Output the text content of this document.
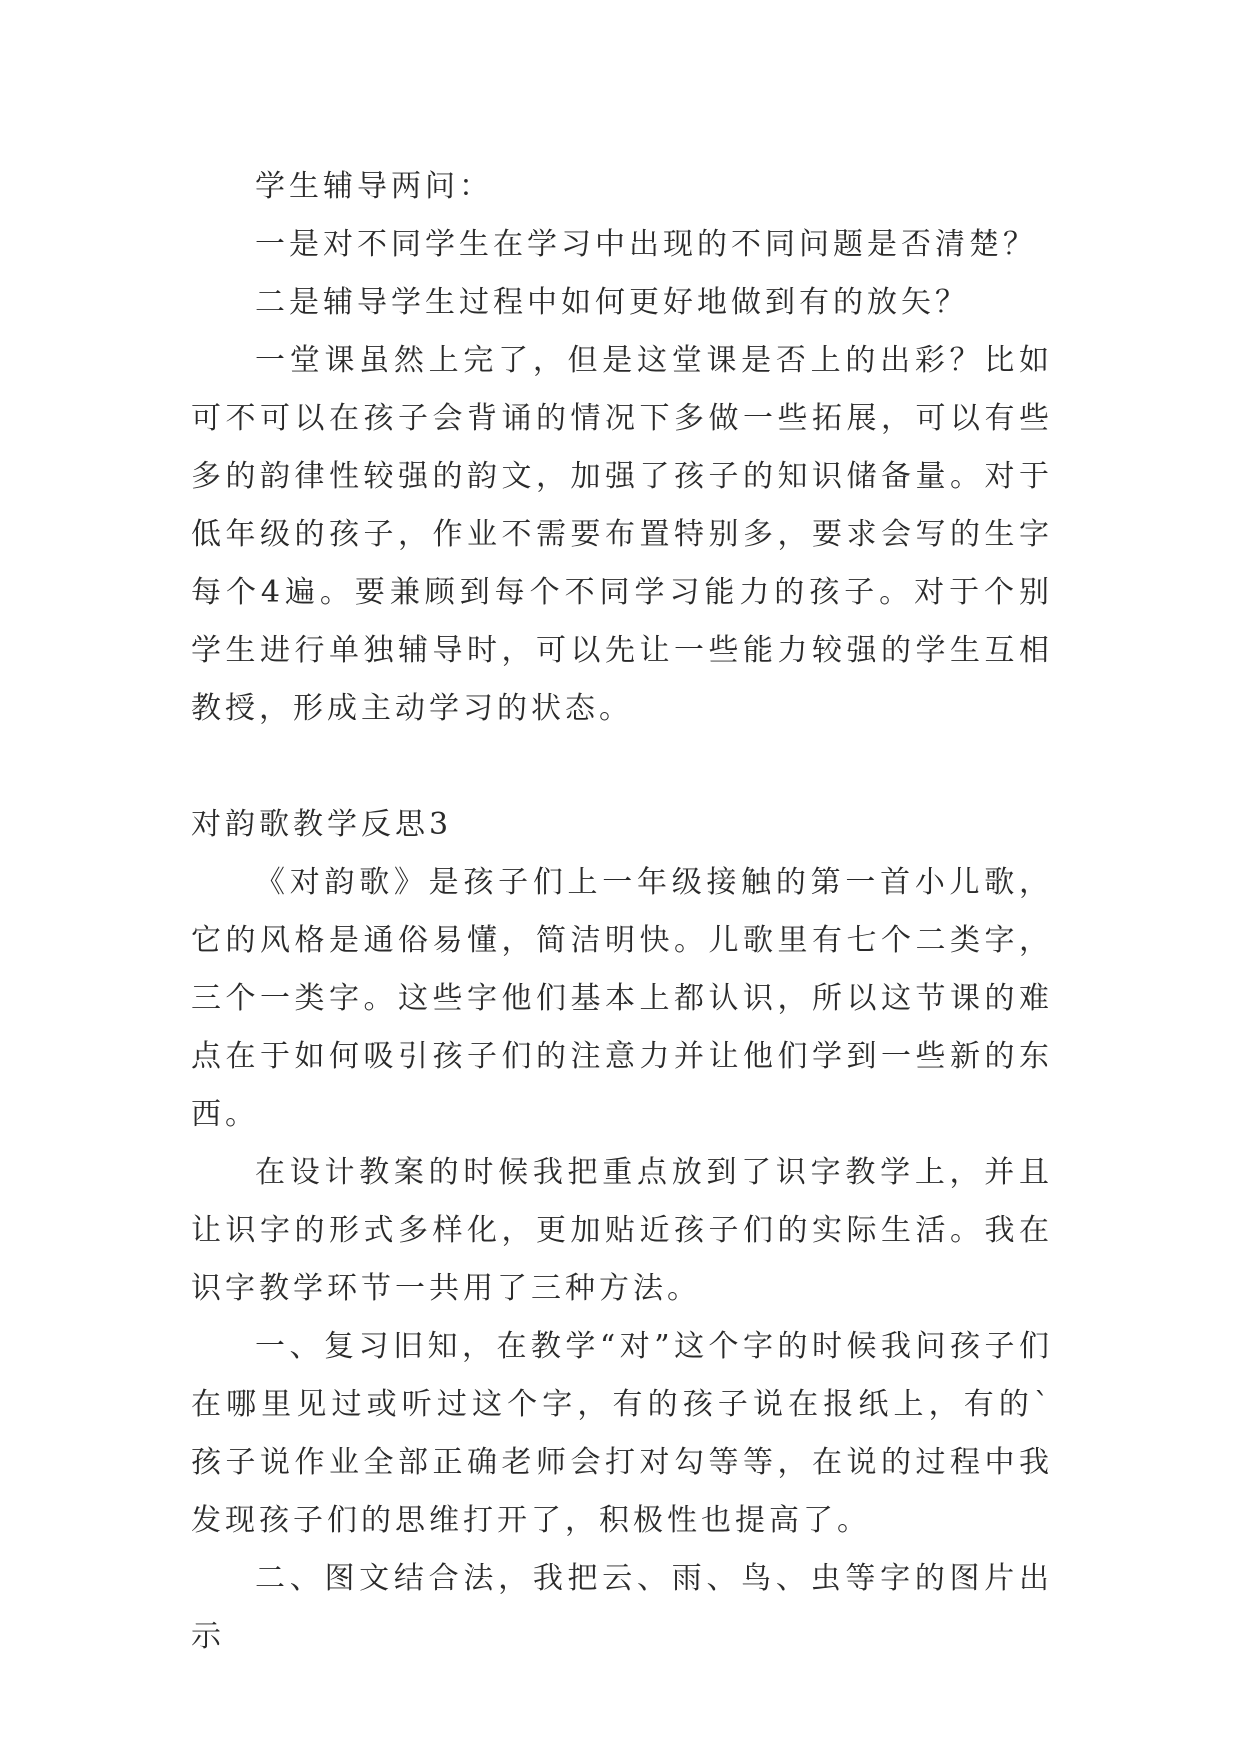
学生辅导两问：

一是对不同学生在学习中出现的不同问题是否清楚？

二是辅导学生过程中如何更好地做到有的放矢？

一堂课虽然上完了，但是这堂课是否上的出彩？比如可不可以在孩子会背诵的情况下多做一些拓展，可以有些多的韵律性较强的韵文，加强了孩子的知识储备量。对于低年级的孩子，作业不需要布置特别多，要求会写的生字每个4遍。要兼顾到每个不同学习能力的孩子。对于个别学生进行单独辅导时，可以先让一些能力较强的学生互相教授，形成主动学习的状态。

对韵歌教学反思3

《对韵歌》是孩子们上一年级接触的第一首小儿歌，它的风格是通俗易懂，简洁明快。儿歌里有七个二类字，三个一类字。这些字他们基本上都认识，所以这节课的难点在于如何吸引孩子们的注意力并让他们学到一些新的东西。

在设计教案的时候我把重点放到了识字教学上，并且让识字的形式多样化，更加贴近孩子们的实际生活。我在识字教学环节一共用了三种方法。

一、复习旧知，在教学“对”这个字的时候我问孩子们在哪里见过或听过这个字，有的孩子说在报纸上，有的`孩子说作业全部正确老师会打对勾等等，在说的过程中我发现孩子们的思维打开了，积极性也提高了。

二、图文结合法，我把云、雨、鸟、虫等字的图片出示
